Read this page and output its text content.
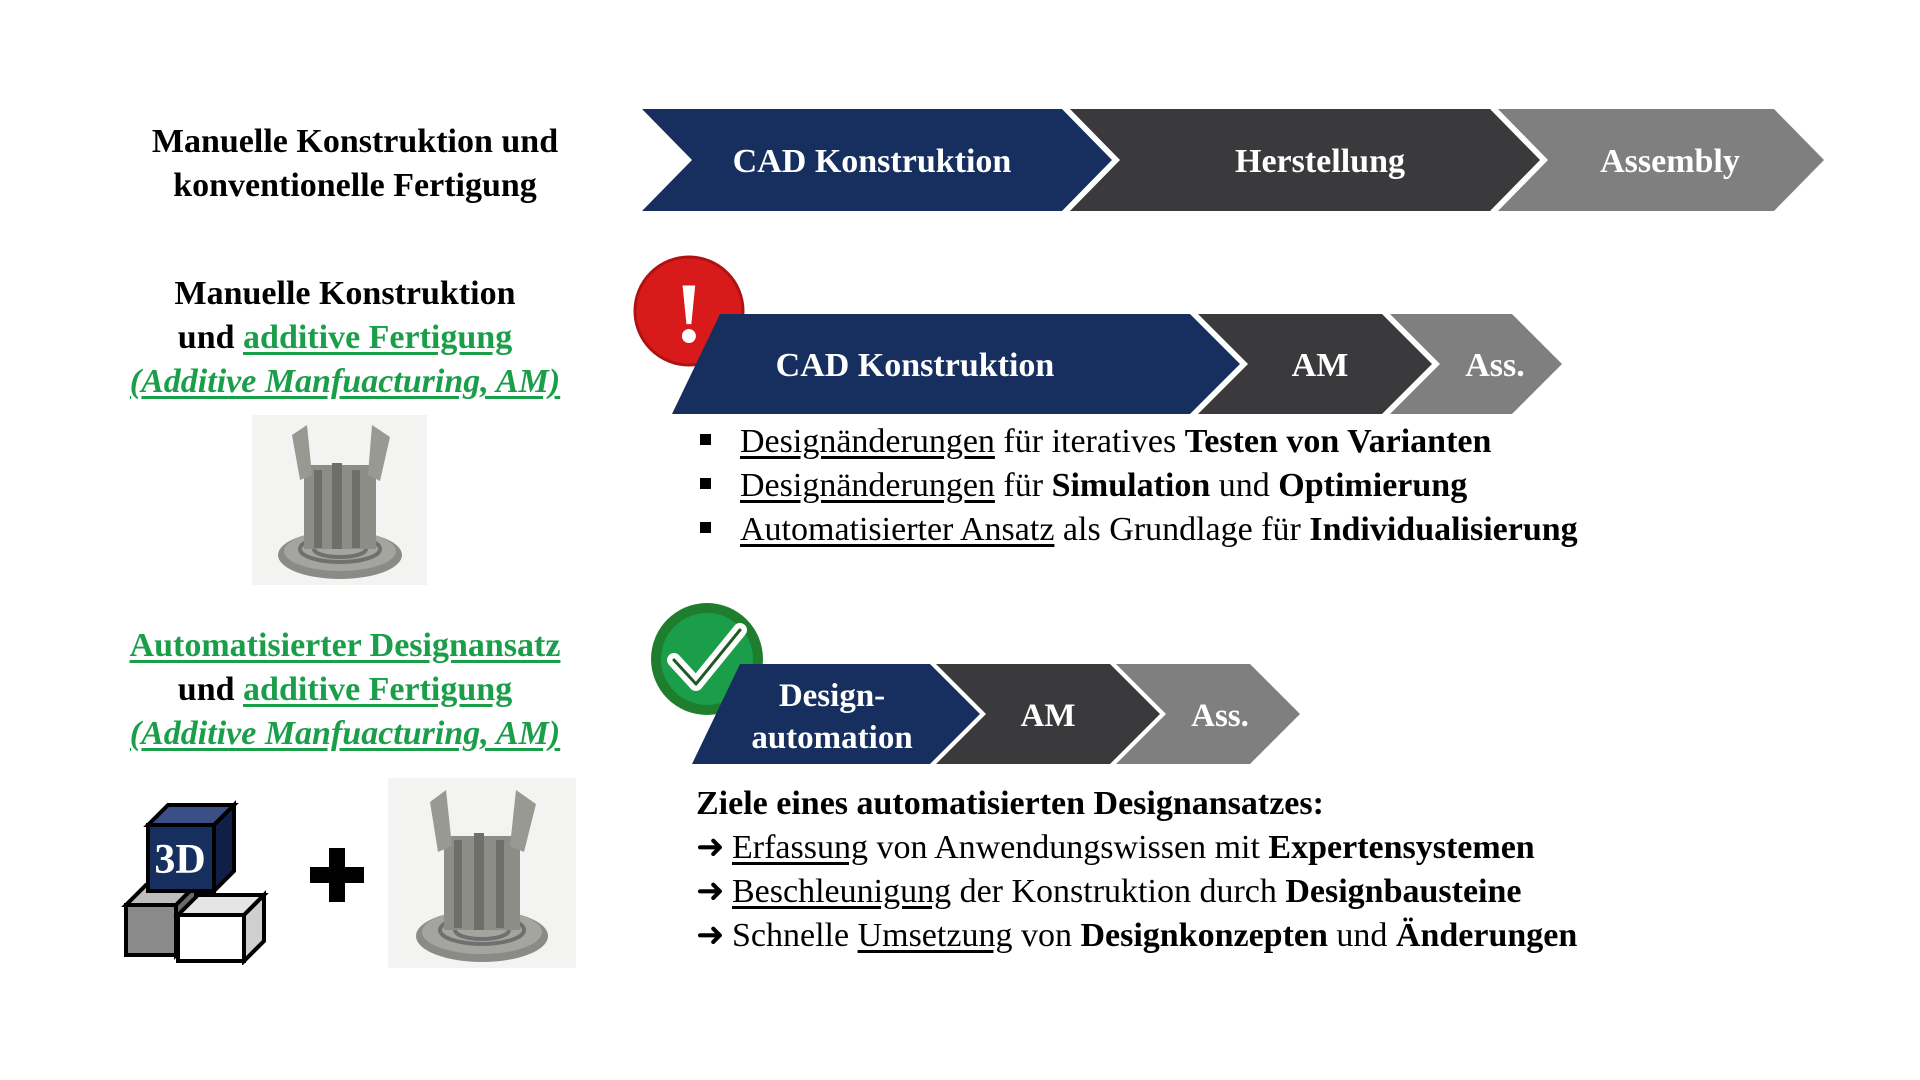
Manuelle Konstruktion und
konventionelle Fertigung
CAD Konstruktion	Herstellung	Assembly
Manuelle Konstruktion
und additive Fertigung
(Additive Manfuacturing, AM)
!
CAD Konstruktion	AM	Ass.
Designänderungen für iteratives Testen von Varianten
Designänderungen für Simulation und Optimierung
Automatisierter Ansatz als Grundlage für Individualisierung
Automatisierter Designansatz
und additive Fertigung
(Additive Manfuacturing, AM)
3D
Design-
automation
AM	Ass.
Ziele eines automatisierten Designansatzes:
➜ Erfassung von Anwendungswissen mit Expertensystemen
➜ Beschleunigung der Konstruktion durch Designbausteine
➜ Schnelle Umsetzung von Designkonzepten und Änderungen
